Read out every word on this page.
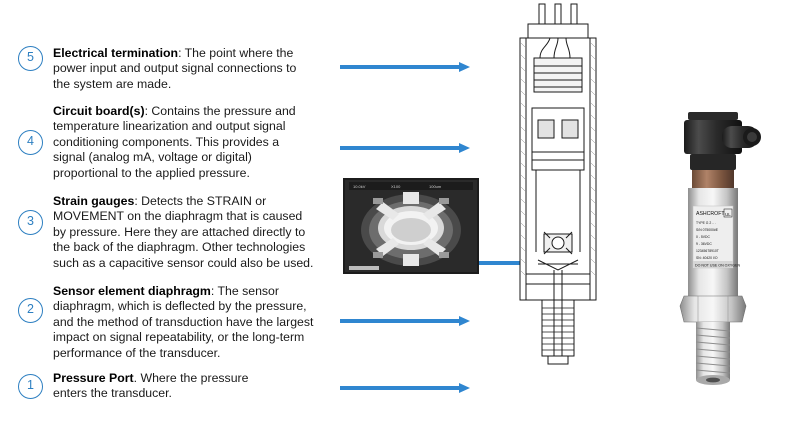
5	Electrical termination: The point where the power input and output signal connections to the system are made.
4
Circuit board(s): Contains the pressure and temperature linearization and output signal conditioning components. This provides a signal (analog mA, voltage or digital) proportional to the applied pressure.
3
Strain gauges: Detects the STRAIN or MOVEMENT on the diaphragm that is caused by pressure. Here they are attached directly to the back of the diaphragm. Other technologies such as a capacitive sensor could also be used.
2
Sensor element diaphragm: The sensor diaphragm, which is deflected by the pressure, and the method of transduction have the largest impact on signal repeatability, or the long-term performance of the transducer.
1	Pressure Port. Where the pressure enters the transducer.
10.0kV	X100	100um
ASHCROFT UL
TYPE G 2 .. .
S/N 075000#E
0 - 5VDC
9 - 36VDC
12345678910T
SN: 40420 I/O
DO NOT USE ON OXYGEN
